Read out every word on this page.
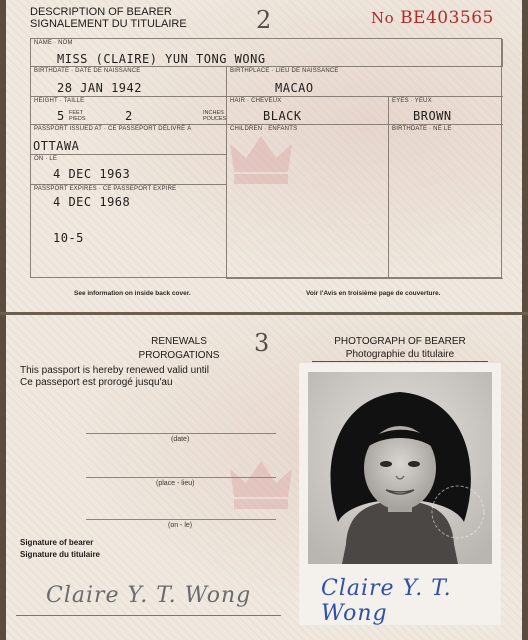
DESCRIPTION OF BEARER
SIGNALEMENT DU TITULAIRE	2	No BE403565
NAME · NOM
MISS (CLAIRE) YUN TONG WONG
BIRTHDATE · DATE DE NAISSANCE
28 JAN 1942
BIRTHPLACE · LIEU DE NAISSANCE
MACAO
HEIGHT · TAILLE
5 FEET
PIEDS	2	INCHES
POUCES
HAIR · CHEVEUX
BLACK
EYES · YEUX
BROWN
PASSPORT ISSUED AT · CE PASSEPORT DÉLIVRÉ À
OTTAWA
CHILDREN · ENFANTS	BIRTHDATE · NÉ LE
ON · LE
4 DEC 1963
PASSPORT EXPIRES · CE PASSEPORT EXPIRE
4 DEC 1968
10-5
See information on inside back cover.	Voir l'Avis en troisième page de couverture.
3
RENEWALS
PROROGATIONS
This passport is hereby renewed valid until
Ce passeport est prorogé jusqu'au
(date)
(place - lieu)
(on - le)
Signature of bearer
Signature du titulaire
Claire Y. T. Wong
PHOTOGRAPH OF BEARER
Photographie du titulaire
Claire Y. T. Wong
